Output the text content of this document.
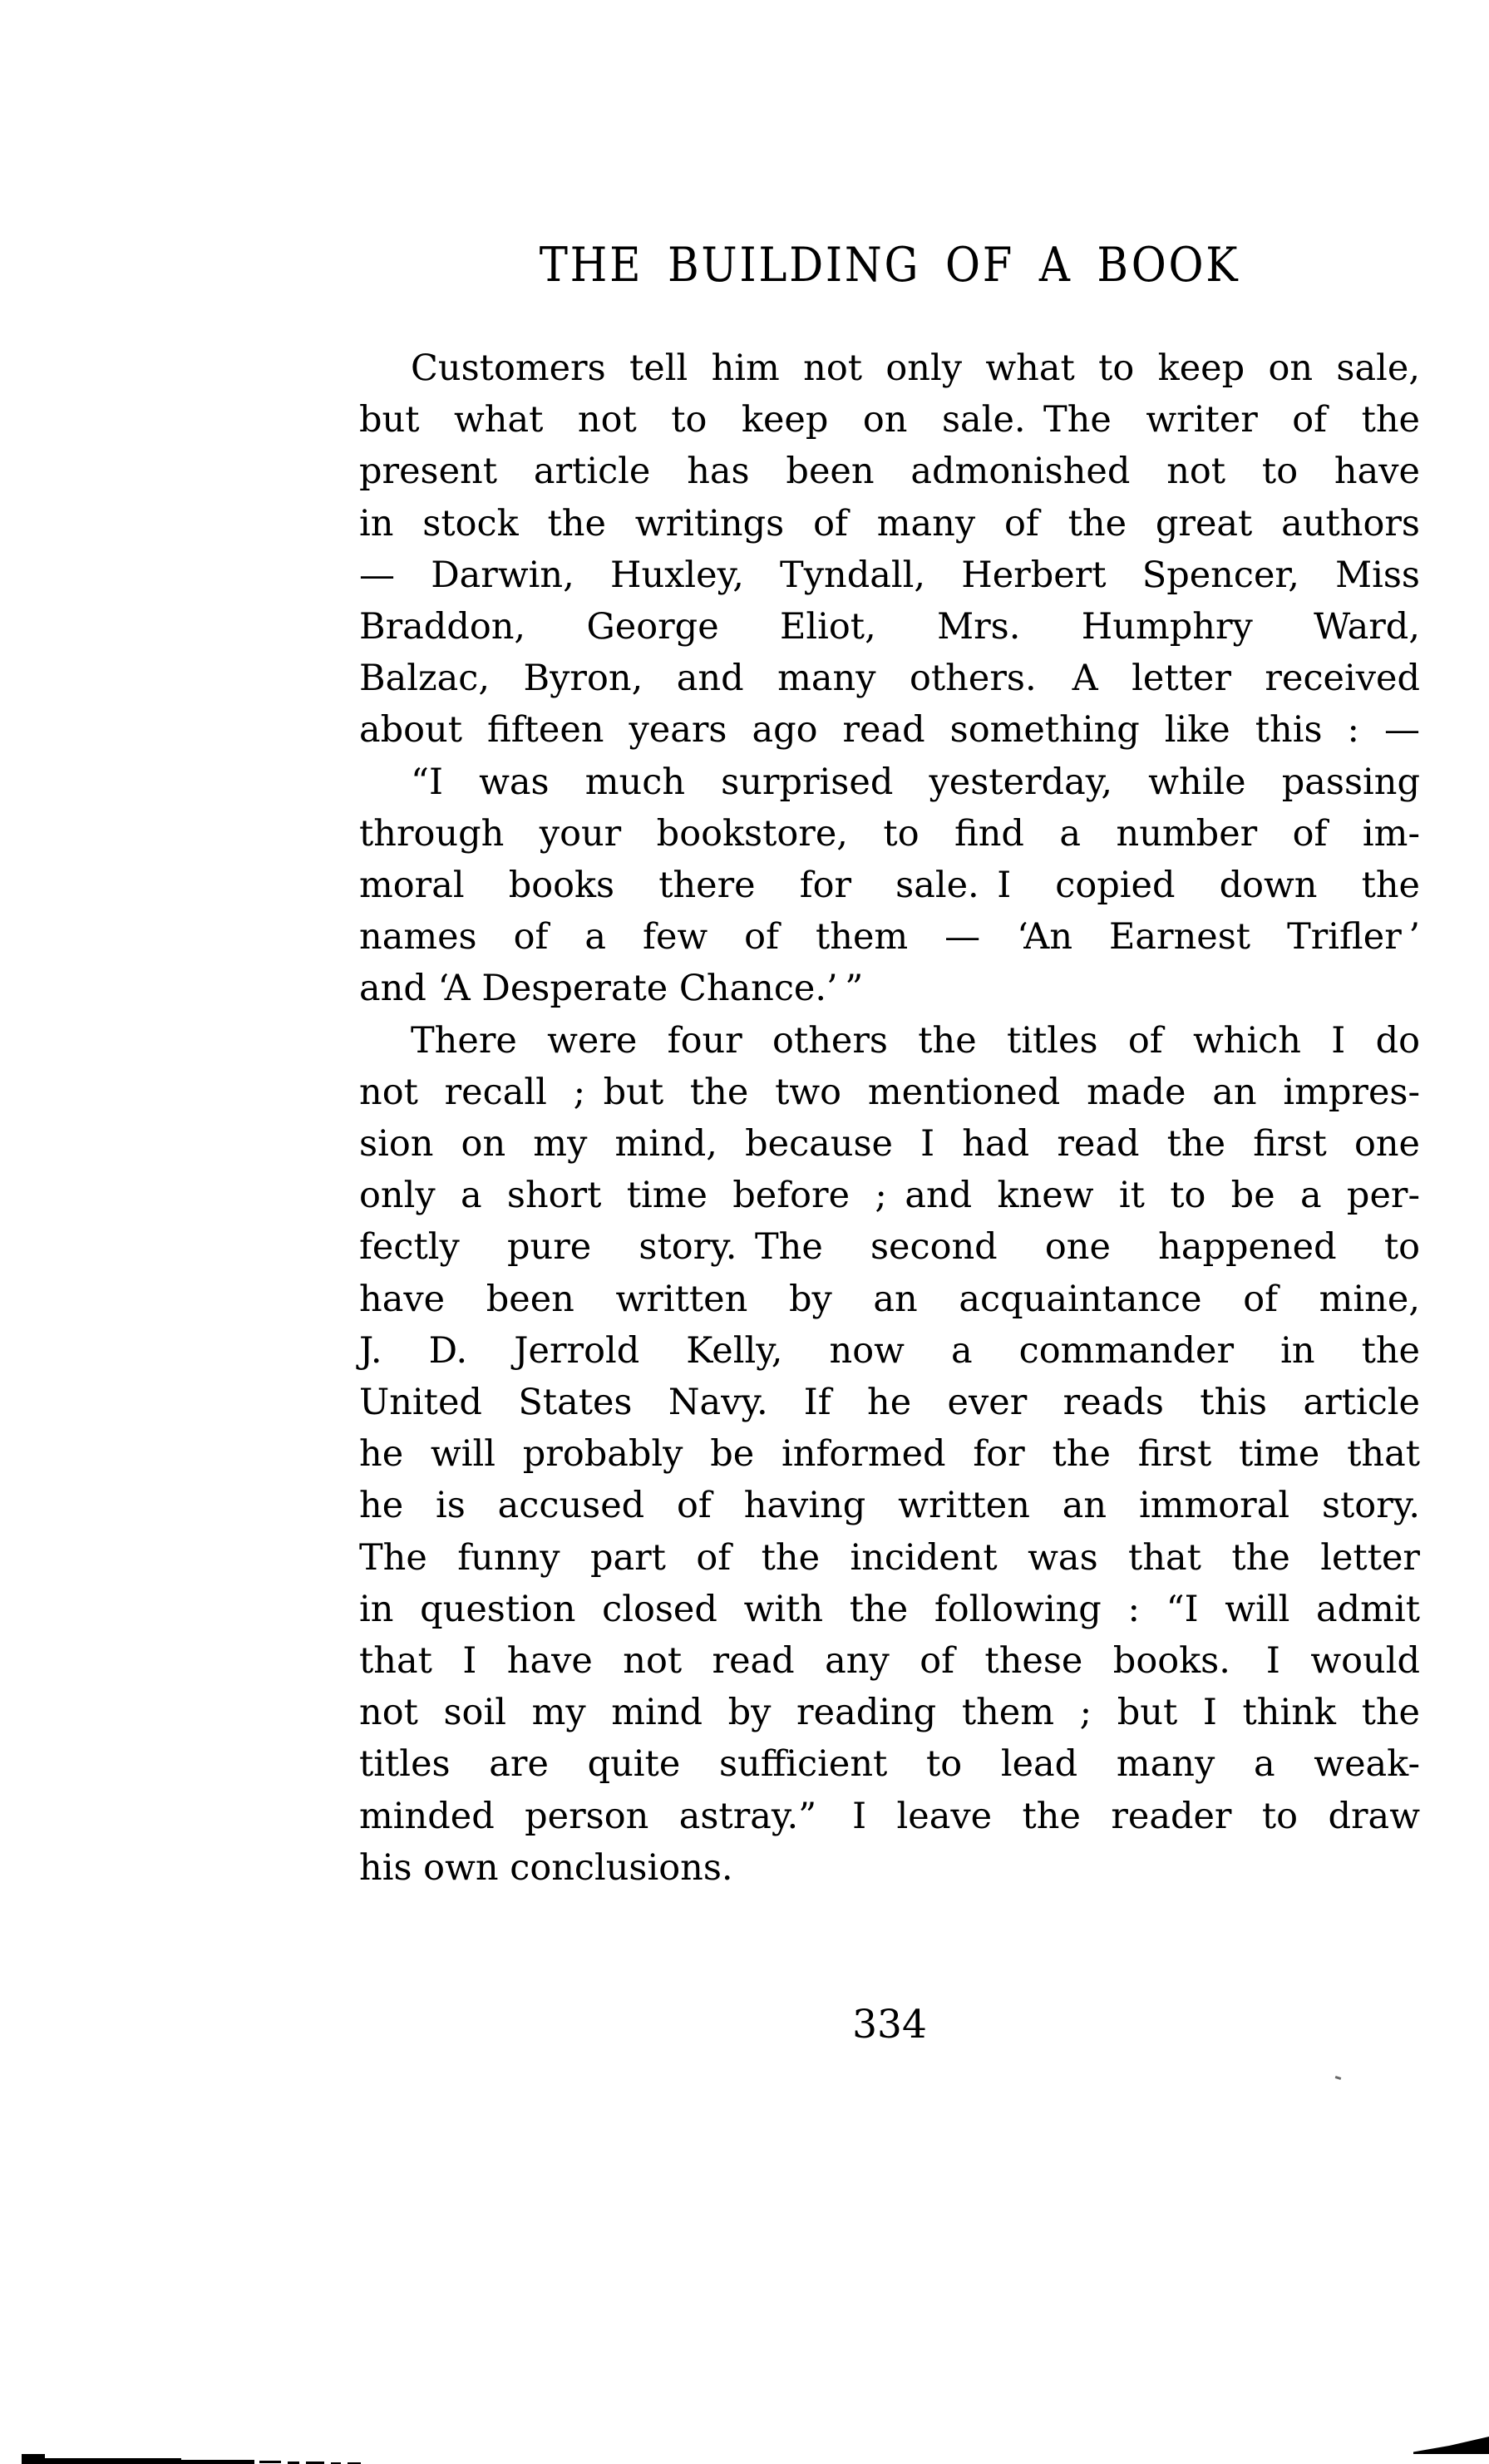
THE BUILDING OF A BOOK
Customers tell him not only what to keep on sale,
but what not to keep on sale. The writer of the
present article has been admonished not to have
in stock the writings of many of the great authors
— Darwin, Huxley, Tyndall, Herbert Spencer, Miss
Braddon, George Eliot, Mrs. Humphry Ward,
Balzac, Byron, and many others. A letter received
about fifteen years ago read something like this : —
“I was much surprised yesterday, while passing
through your bookstore, to find a number of im-
moral books there for sale. I copied down the
names of a few of them — ‘An Earnest Trifler ’
and ‘A Desperate Chance.’ ”
There were four others the titles of which I do
not recall ; but the two mentioned made an impres-
sion on my mind, because I had read the first one
only a short time before ; and knew it to be a per-
fectly pure story. The second one happened to
have been written by an acquaintance of mine,
J. D. Jerrold Kelly, now a commander in the
United States Navy. If he ever reads this article
he will probably be informed for the first time that
he is accused of having written an immoral story.
The funny part of the incident was that the letter
in question closed with the following : “I will admit
that I have not read any of these books. I would
not soil my mind by reading them ; but I think the
titles are quite sufficient to lead many a weak-
minded person astray.” I leave the reader to draw
his own conclusions.
334
